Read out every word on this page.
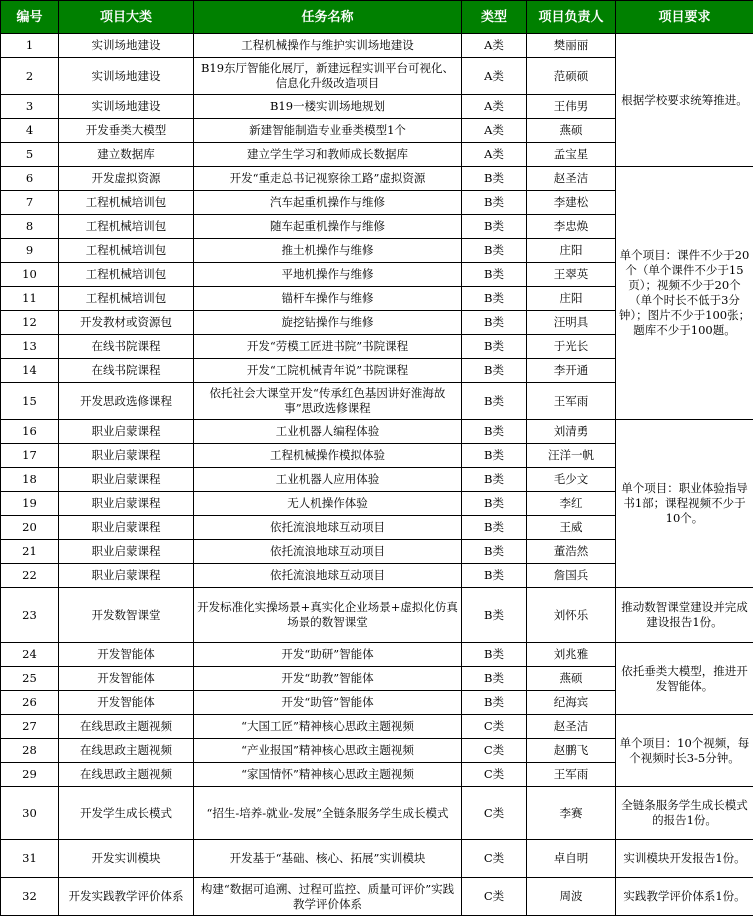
编号	项目大类	任务名称	类型	项目负责人	项目要求
1	实训场地建设	工程机械操作与维护实训场地建设	A类	樊丽丽	根据学校要求统筹推进。
2	实训场地建设	B19东厅智能化展厅，新建远程实训平台可视化、信息化升级改造项目	A类	范硕硕	
3	实训场地建设	B19一楼实训场地规划	A类	王伟男	
4	开发垂类大模型	新建智能制造专业垂类模型1个	A类	燕硕	
5	建立数据库	建立学生学习和教师成长数据库	A类	孟宝星	
6	开发虚拟资源	开发“重走总书记视察徐工路”虚拟资源	B类	赵圣洁	单个项目：课件不少于20个（单个课件不少于15页）；视频不少于20个（单个时长不低于3分钟）；图片不少于100张；题库不少于100题。
7	工程机械培训包	汽车起重机操作与维修	B类	李建松	
8	工程机械培训包	随车起重机操作与维修	B类	李忠焕	
9	工程机械培训包	推土机操作与维修	B类	庄阳	
10	工程机械培训包	平地机操作与维修	B类	王翠英	
11	工程机械培训包	锚杆车操作与维修	B类	庄阳	
12	开发教材或资源包	旋挖钻操作与维修	B类	汪明具	
13	在线书院课程	开发“劳模工匠进书院”书院课程	B类	于光长	
14	在线书院课程	开发“工院机械青年说”书院课程	B类	李开通	
15	开发思政选修课程	依托社会大课堂开发“传承红色基因讲好淮海故事”思政选修课程	B类	王军雨	
16	职业启蒙课程	工业机器人编程体验	B类	刘清勇	单个项目：职业体验指导书1部；课程视频不少于10个。
17	职业启蒙课程	工程机械操作模拟体验	B类	汪洋一帆	
18	职业启蒙课程	工业机器人应用体验	B类	毛少文	
19	职业启蒙课程	无人机操作体验	B类	李红	
20	职业启蒙课程	依托流浪地球互动项目	B类	王威	
21	职业启蒙课程	依托流浪地球互动项目	B类	董浩然	
22	职业启蒙课程	依托流浪地球互动项目	B类	詹国兵	
23	开发数智课堂	开发标准化实操场景+真实化企业场景+虚拟化仿真场景的数智课堂	B类	刘怀乐	推动数智课堂建设并完成建设报告1份。
24	开发智能体	开发“助研”智能体	B类	刘兆雅	依托垂类大模型，推进开发智能体。
25	开发智能体	开发“助教”智能体	B类	燕硕	
26	开发智能体	开发“助管”智能体	B类	纪海宾	
27	在线思政主题视频	“大国工匠”精神核心思政主题视频	C类	赵圣洁	单个项目：10个视频，每个视频时长3-5分钟。
28	在线思政主题视频	“产业报国”精神核心思政主题视频	C类	赵鹏飞	
29	在线思政主题视频	“家国情怀”精神核心思政主题视频	C类	王军雨	
30	开发学生成长模式	“招生-培养-就业-发展”全链条服务学生成长模式	C类	李赛	全链条服务学生成长模式的报告1份。
31	开发实训模块	开发基于“基础、核心、拓展”实训模块	C类	卓自明	实训模块开发报告1份。
32	开发实践教学评价体系	构建“数据可追溯、过程可监控、质量可评价”实践教学评价体系	C类	周波	实践教学评价体系1份。
